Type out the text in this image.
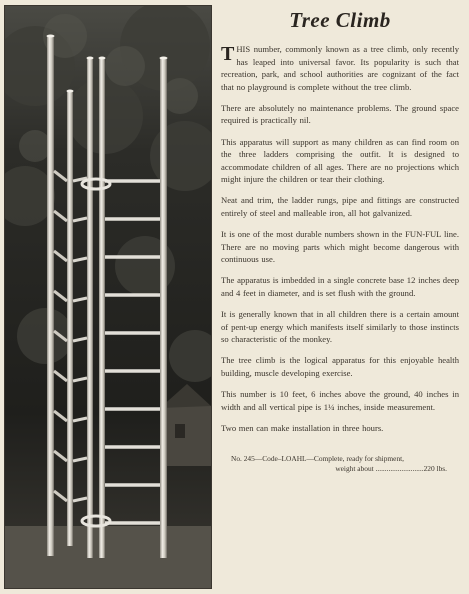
Tree Climb

THIS number, commonly known as a tree climb, only recently has leaped into universal favor. Its popularity is such that recreation, park, and school authorities are cognizant of the fact that no playground is complete without the tree climb.

There are absolutely no maintenance problems. The ground space required is practically nil.

This apparatus will support as many children as can find room on the three ladders comprising the outfit. It is designed to accommodate children of all ages. There are no projections which might injure the children or tear their clothing.

Neat and trim, the ladder rungs, pipe and fittings are constructed entirely of steel and malleable iron, all hot galvanized.

It is one of the most durable numbers shown in the FUN-FUL line. There are no moving parts which might become dangerous with continuous use.

The apparatus is imbedded in a single concrete base 12 inches deep and 4 feet in diameter, and is set flush with the ground.

It is generally known that in all children there is a certain amount of pent-up energy which manifests itself similarly to those instincts so characteristic of the monkey.

The tree climb is the logical apparatus for this enjoyable health building, muscle developing exercise.

This number is 10 feet, 6 inches above the ground, 40 inches in width and all vertical pipe is 1¼ inches, inside measurement.

Two men can make installation in three hours.

No. 245—Code–LOAHL—Complete, ready for shipment,
weight about ..........................220 lbs.
